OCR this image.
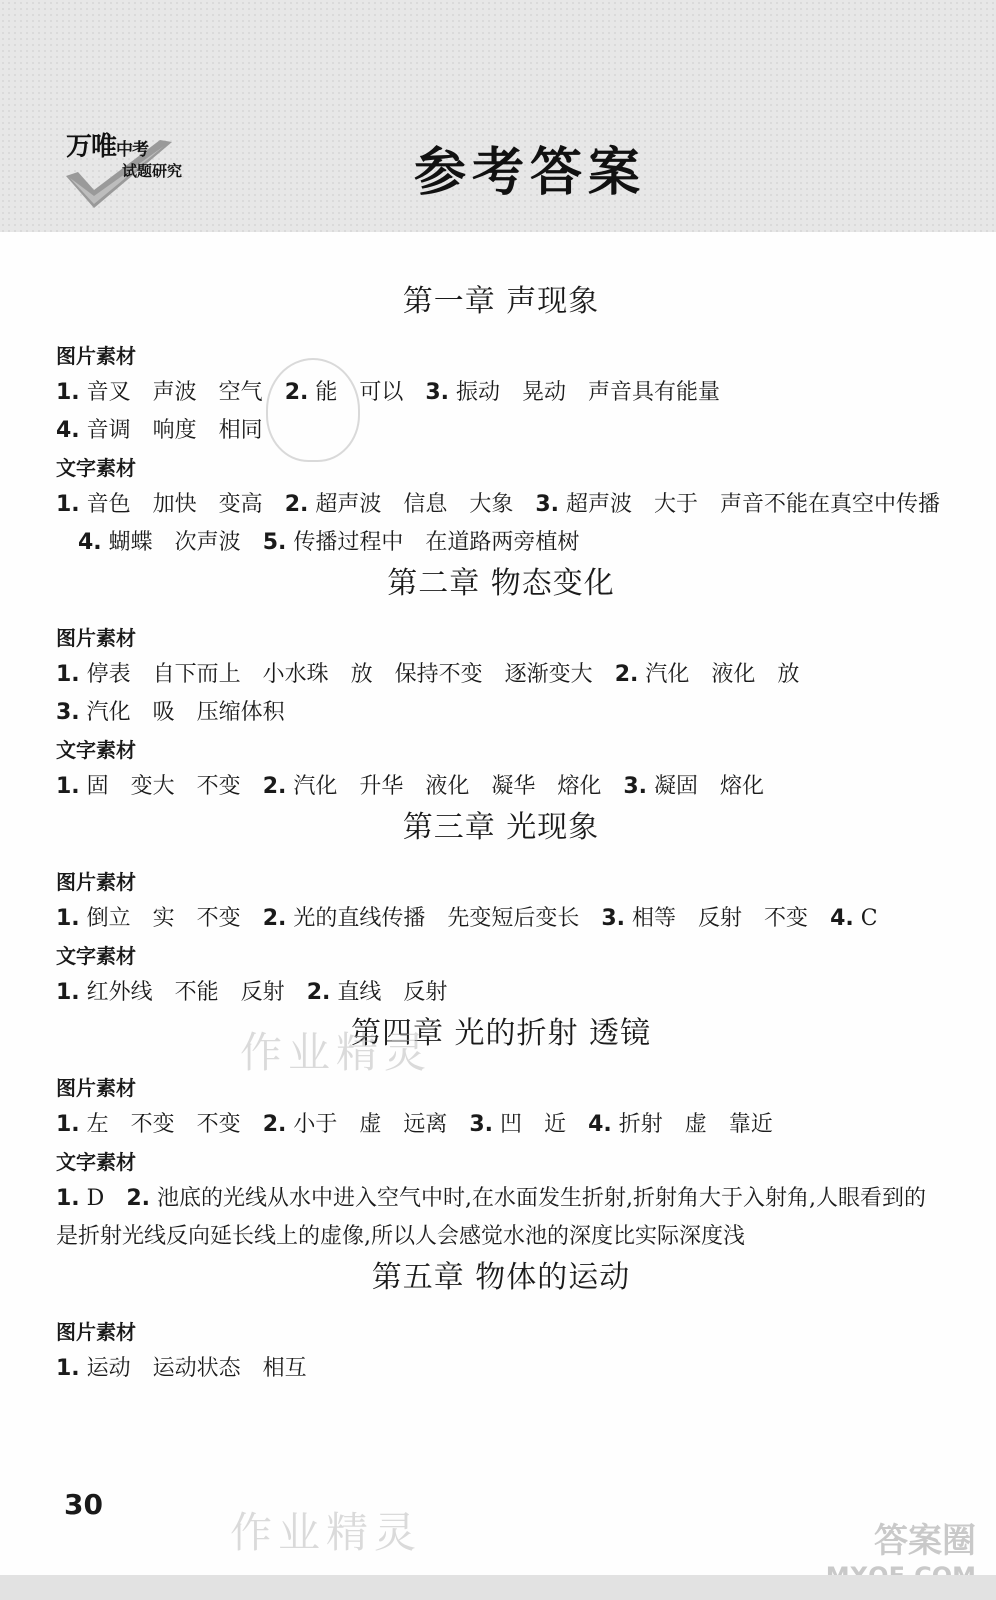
万唯中考
试题研究	参考答案
第一章 声现象
图片素材
1. 音叉　声波　空气 2. 能　可以 3. 振动　晃动　声音具有能量
4. 音调　响度　相同
文字素材
1. 音色　加快　变高 2. 超声波　信息　大象 3. 超声波　大于　声音不能在真空中传播4. 蝴蝶　次声波 5. 传播过程中　在道路两旁植树
第二章 物态变化
图片素材
1. 停表　自下而上　小水珠　放　保持不变　逐渐变大 2. 汽化　液化　放
3. 汽化　吸　压缩体积
文字素材
1. 固　变大　不变 2. 汽化　升华　液化　凝华　熔化 3. 凝固　熔化
第三章 光现象
图片素材
1. 倒立　实　不变 2. 光的直线传播　先变短后变长 3. 相等　反射　不变 4. C
文字素材
1. 红外线　不能　反射 2. 直线　反射
第四章 光的折射 透镜
图片素材
1. 左　不变　不变 2. 小于　虚　远离 3. 凹　近 4. 折射　虚　靠近
文字素材
1. D 2. 池底的光线从水中进入空气中时,在水面发生折射,折射角大于入射角,人眼看到的是折射光线反向延长线上的虚像,所以人会感觉水池的深度比实际深度浅
第五章 物体的运动
图片素材
1. 运动　运动状态　相互
30
作业精灵
作业精灵	答案圈
